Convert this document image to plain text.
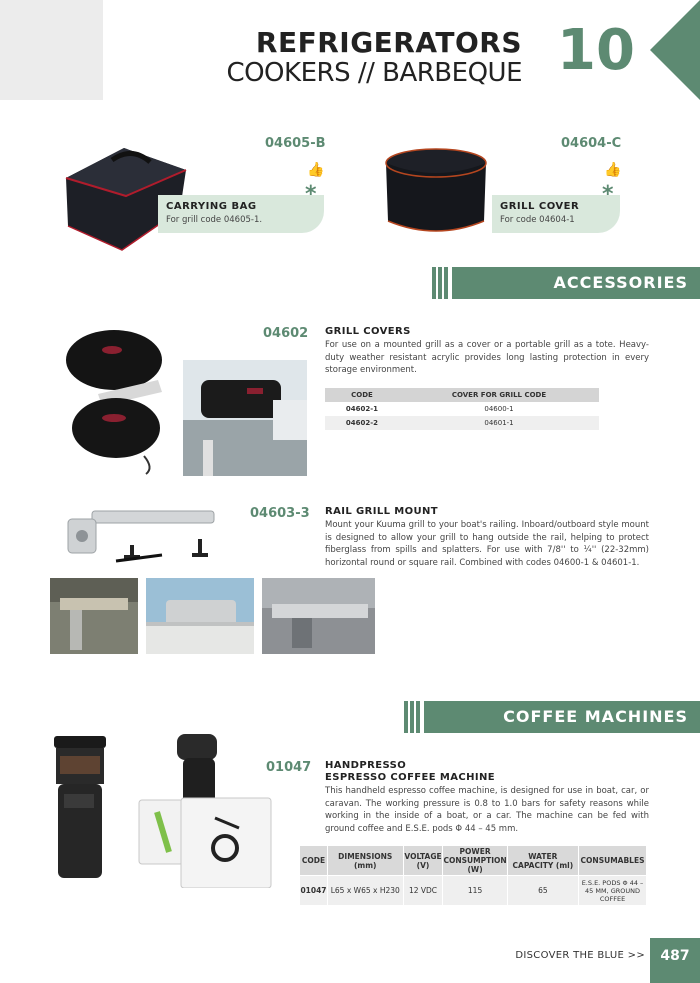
REFRIGERATORS
COOKERS // BARBEQUE 10
04605-B
👍
CARRYING BAG
For grill code 04605-1.
04604-C
👍
GRILL COVER
For code 04604-1
ACCESSORIES
04602 GRILL COVERS
For use on a mounted grill as a cover or a portable grill as a tote. Heavy-duty weather resistant acrylic provides long lasting protection in every storage environment.
CODE	COVER FOR GRILL CODE
04602-1	04600-1
04602-2	04601-1
04603-3 RAIL GRILL MOUNT
Mount your Kuuma grill to your boat's railing. Inboard/outboard style mount is designed to allow your grill to hang outside the rail, helping to protect fiberglass from spills and splatters. For use with 7/8'' to ¼'' (22-32mm) horizontal round or square rail. Combined with codes 04600-1 & 04601-1.
COFFEE MACHINES
01047 HANDPRESSO
ESPRESSO COFFEE MACHINE
This handheld espresso coffee machine, is designed for use in boat, car, or caravan. The working pressure is 0.8 to 1.0 bars for safety reasons while working in the inside of a boat, or a car. The machine can be fed with ground coffee and E.S.E. pods Φ 44 – 45 mm.
CODE	DIMENSIONS (mm)	VOLTAGE (V)	POWER CONSUMPTION (W)	WATER CAPACITY (ml)	CONSUMABLES
01047	L65 x W65 x H230	12 VDC	115	65	E.S.E. PODS Φ 44 – 45 MM, GROUND COFFEE
DISCOVER THE BLUE >>	487
